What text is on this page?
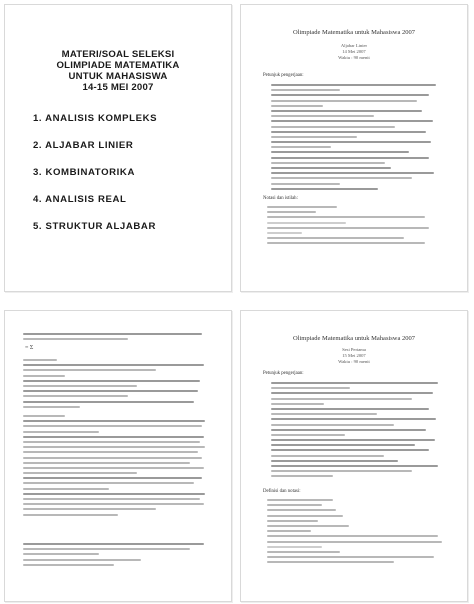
MATERI/SOAL SELEKSI
OLIMPIADE MATEMATIKA
UNTUK MAHASISWA
14-15 MEI 2007
1. ANALISIS KOMPLEKS
2. ALJABAR LINIER
3. KOMBINATORIKA
4. ANALISIS REAL
5. STRUKTUR ALJABAR
Olimpiade Matematika untuk Mahasiswa 2007
Aljabar Linier
14 Mei 2007
Waktu : 90 menit
Petunjuk pengerjaan:
Notasi dan istilah:
= Σ
Olimpiade Matematika untuk Mahasiswa 2007
Sesi Pertama
15 Mei 2007
Waktu : 90 menit
Petunjuk pengerjaan:
Definisi dan notasi:
